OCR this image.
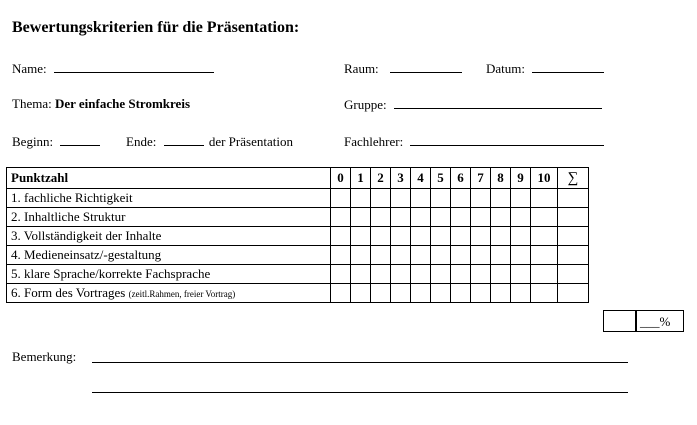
Bewertungskriterien für die Präsentation:
Name:	Raum:	Datum:
Thema: Der einfache Stromkreis	Gruppe:
Beginn:	Ende:	der Präsentation	Fachlehrer:
Punktzahl	0	1	2	3	4	5	6	7	8	9	10	∑
1. fachliche Richtigkeit												
2. Inhaltliche Struktur												
3. Vollständigkeit der Inhalte												
4. Medieneinsatz/-gestaltung												
5. klare Sprache/korrekte Fachsprache												
6. Form des Vortrages (zeitl.Rahmen, freier Vortrag)												
___%
Bemerkung:
